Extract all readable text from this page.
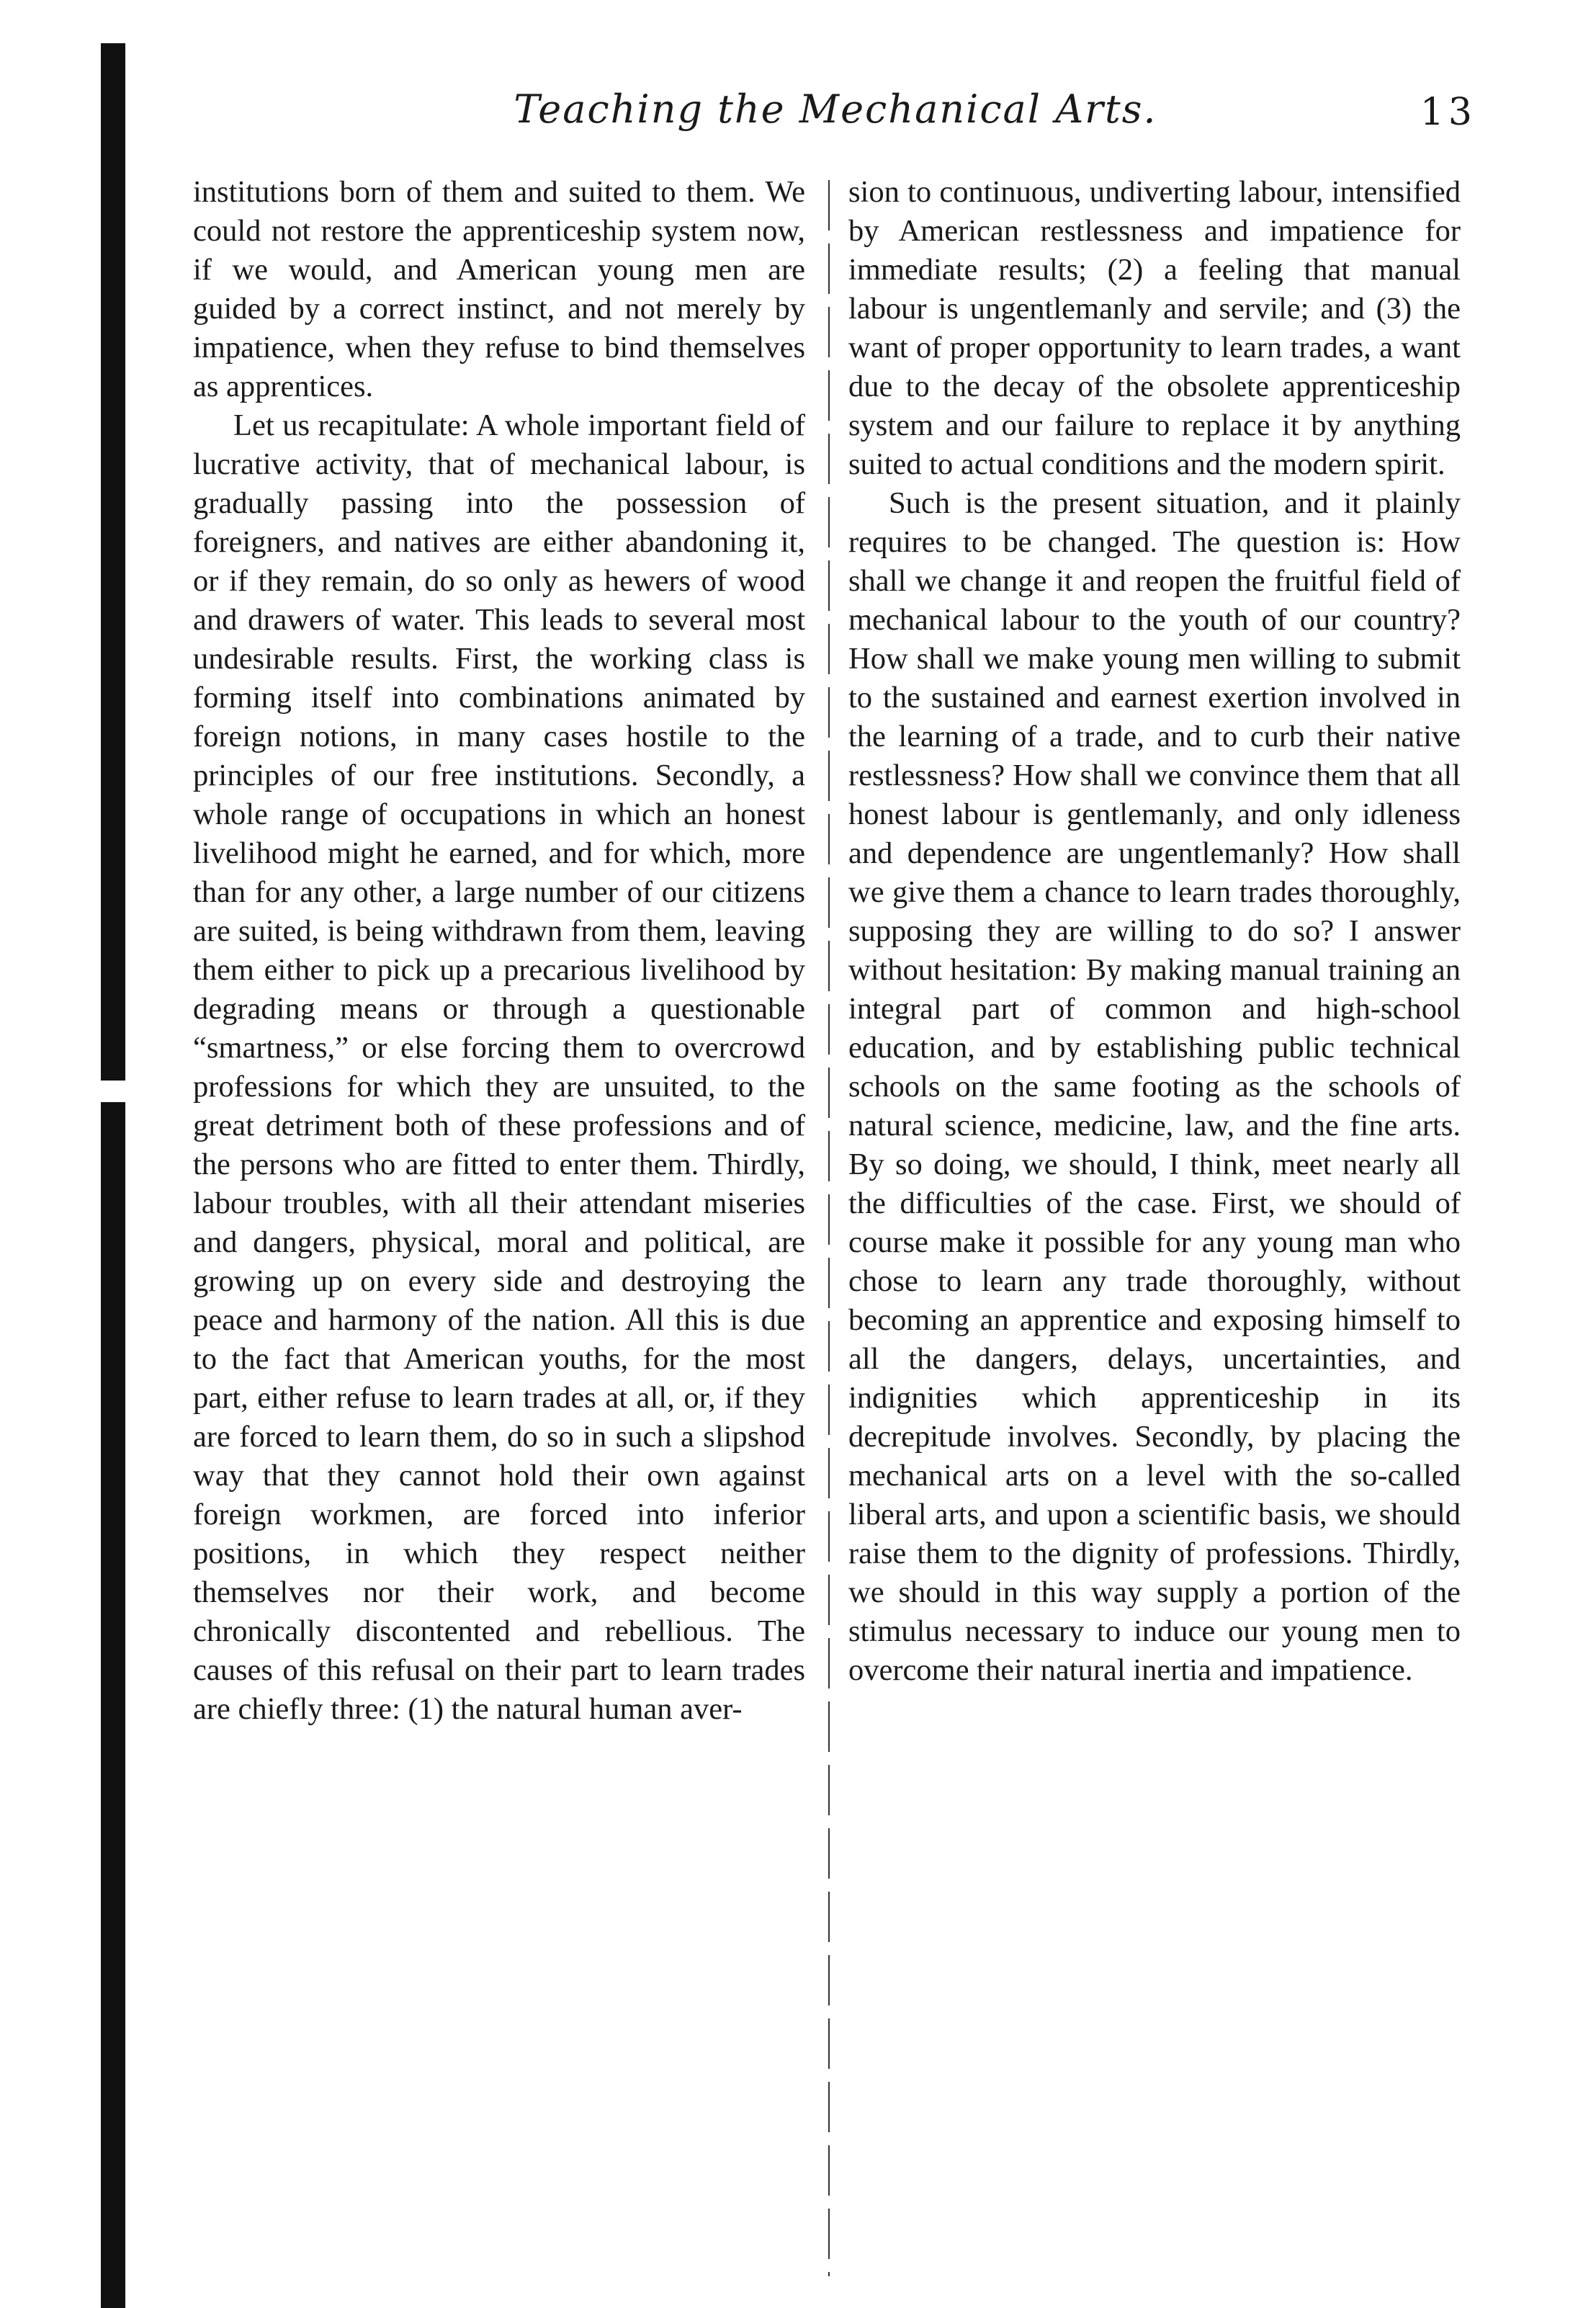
Teaching the Mechanical Arts.	13

institutions born of them and suited to them. We could not restore the apprenticeship system now, if we would, and American young men are guided by a correct instinct, and not merely by impatience, when they refuse to bind themselves as apprentices.

Let us recapitulate: A whole important field of lucrative activity, that of mechanical labour, is gradually passing into the possession of foreigners, and natives are either abandoning it, or if they remain, do so only as hewers of wood and drawers of water. This leads to several most undesirable results. First, the working class is forming itself into combinations animated by foreign notions, in many cases hostile to the principles of our free institutions. Secondly, a whole range of occupations in which an honest livelihood might he earned, and for which, more than for any other, a large number of our citizens are suited, is being withdrawn from them, leaving them either to pick up a precarious livelihood by degrading means or through a questionable “smartness,” or else forcing them to overcrowd professions for which they are unsuited, to the great detriment both of these professions and of the persons who are fitted to enter them. Thirdly, labour troubles, with all their attendant miseries and dangers, physical, moral and political, are growing up on every side and destroying the peace and harmony of the nation. All this is due to the fact that American youths, for the most part, either refuse to learn trades at all, or, if they are forced to learn them, do so in such a slipshod way that they cannot hold their own against foreign workmen, are forced into inferior positions, in which they respect neither themselves nor their work, and become chronically discontented and rebellious. The causes of this refusal on their part to learn trades are chiefly three: (1) the natural human aver-

sion to continuous, undiverting labour, intensified by American restlessness and impatience for immediate results; (2) a feeling that manual labour is ungentlemanly and servile; and (3) the want of proper opportunity to learn trades, a want due to the decay of the obsolete apprenticeship system and our failure to replace it by anything suited to actual conditions and the modern spirit.

Such is the present situation, and it plainly requires to be changed. The question is: How shall we change it and reopen the fruitful field of mechanical labour to the youth of our country? How shall we make young men willing to submit to the sustained and earnest exertion involved in the learning of a trade, and to curb their native restlessness? How shall we convince them that all honest labour is gentlemanly, and only idleness and dependence are ungentlemanly? How shall we give them a chance to learn trades thoroughly, supposing they are willing to do so? I answer without hesitation: By making manual training an integral part of common and high-school education, and by establishing public technical schools on the same footing as the schools of natural science, medicine, law, and the fine arts. By so doing, we should, I think, meet nearly all the difficulties of the case. First, we should of course make it possible for any young man who chose to learn any trade thoroughly, without becoming an apprentice and exposing himself to all the dangers, delays, uncertainties, and indignities which apprenticeship in its decrepitude involves. Secondly, by placing the mechanical arts on a level with the so-called liberal arts, and upon a scientific basis, we should raise them to the dignity of professions. Thirdly, we should in this way supply a portion of the stimulus necessary to induce our young men to overcome their natural inertia and impatience.
